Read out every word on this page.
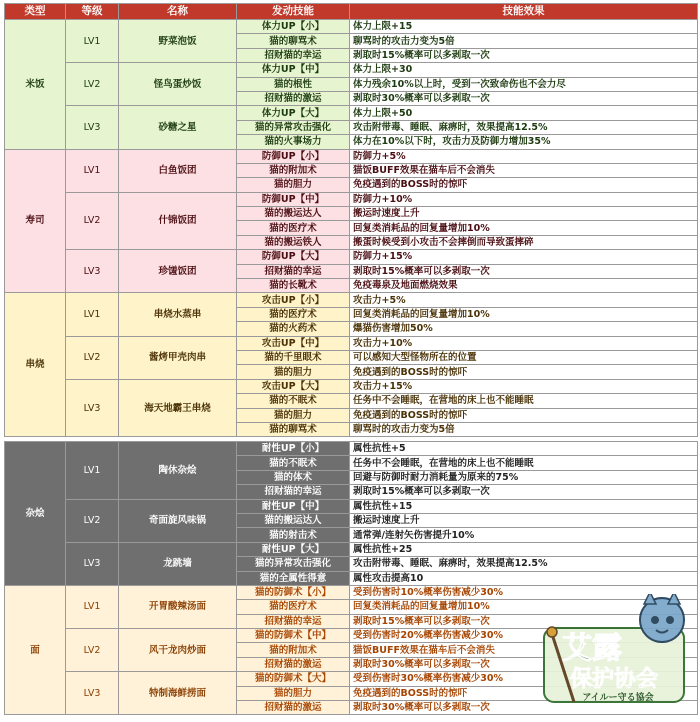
类型	等级	名称	发动技能	技能效果
米饭	LV1	野菜泡饭	体力UP【小】	体力上限+15
			猫的聊骂术	聊骂时的攻击力变为5倍
			招财猫的幸运	剥取时15%概率可以多剥取一次
	LV2	怪鸟蛋炒饭	体力UP【中】	体力上限+30
			猫的根性	体力残余10%以上时，受到一次致命伤也不会力尽
			招财猫的激运	剥取时30%概率可以多剥取一次
	LV3	砂糖之星	体力UP【大】	体力上限+50
			猫的异常攻击强化	攻击附带毒、睡眠、麻痹时，效果提高12.5%
			猫的火事场力	体力在10%以下时，攻击力及防御力增加35%
寿司	LV1	白鱼饭团	防御UP【小】	防御力+5%
			猫的附加术	猫饭BUFF效果在猫车后不会消失
			猫的胆力	免疫遇到的BOSS时的惊吓
	LV2	什锦饭团	防御UP【中】	防御力+10%
			猫的搬运达人	搬运时速度上升
			猫的医疗术	回复类消耗品的回复量增加10%
			猫的搬运铁人	搬蛋时候受到小攻击不会摔倒而导致蛋摔碎
	LV3	珍馐饭团	防御UP【大】	防御力+15%
			招财猫的幸运	剥取时15%概率可以多剥取一次
			猫的长靴术	免疫毒泉及地面燃烧效果
串烧	LV1	串烧水蒸串	攻击UP【小】	攻击力+5%
			猫的医疗术	回复类消耗品的回复量增加10%
			猫的火药术	爆猫伤害增加50%
	LV2	酱烤甲壳肉串	攻击UP【中】	攻击力+10%
			猫的千里眼术	可以感知大型怪物所在的位置
			猫的胆力	免疫遇到的BOSS时的惊吓
	LV3	海天地霸王串烧	攻击UP【大】	攻击力+15%
			猫的不眠术	任务中不会睡眠，在营地的床上也不能睡眠
			猫的胆力	免疫遇到的BOSS时的惊吓
			猫的聊骂术	聊骂时的攻击力变为5倍
杂烩	LV1	陶休杂烩	耐性UP【小】	属性抗性+5
			猫的不眠术	任务中不会睡眠，在营地的床上也不能睡眠
			猫的体术	回避与防御时耐力消耗量为原来的75%
			招财猫的幸运	剥取时15%概率可以多剥取一次
	LV2	奇面旋风味锅	耐性UP【中】	属性抗性+15
			猫的搬运达人	搬运时速度上升
			猫的射击术	通常弹/连射矢伤害提升10%
	LV3	龙跳墙	耐性UP【大】	属性抗性+25
			猫的异常攻击强化	攻击附带毒、睡眠、麻痹时，效果提高12.5%
			猫的全属性得意	属性攻击提高10
面	LV1	开胃酸辣汤面	猫的防御术【小】	受到伤害时10%概率伤害减少30%
			猫的医疗术	回复类消耗品的回复量增加10%
			招财猫的幸运	剥取时15%概率可以多剥取一次
	LV2	风干龙肉炒面	猫的防御术【中】	受到伤害时20%概率伤害减少30%
			猫的附加术	猫饭BUFF效果在猫车后不会消失
			招财猫的激运	剥取时30%概率可以多剥取一次
	LV3	特制海鲜捞面	猫的防御术【大】	受到伤害时30%概率伤害减少30%
			猫的胆力	免疫遇到的BOSS时的惊吓
			招财猫的激运	剥取时30%概率可以多剥取一次
艾露
保护协会
アイルー守る協会
